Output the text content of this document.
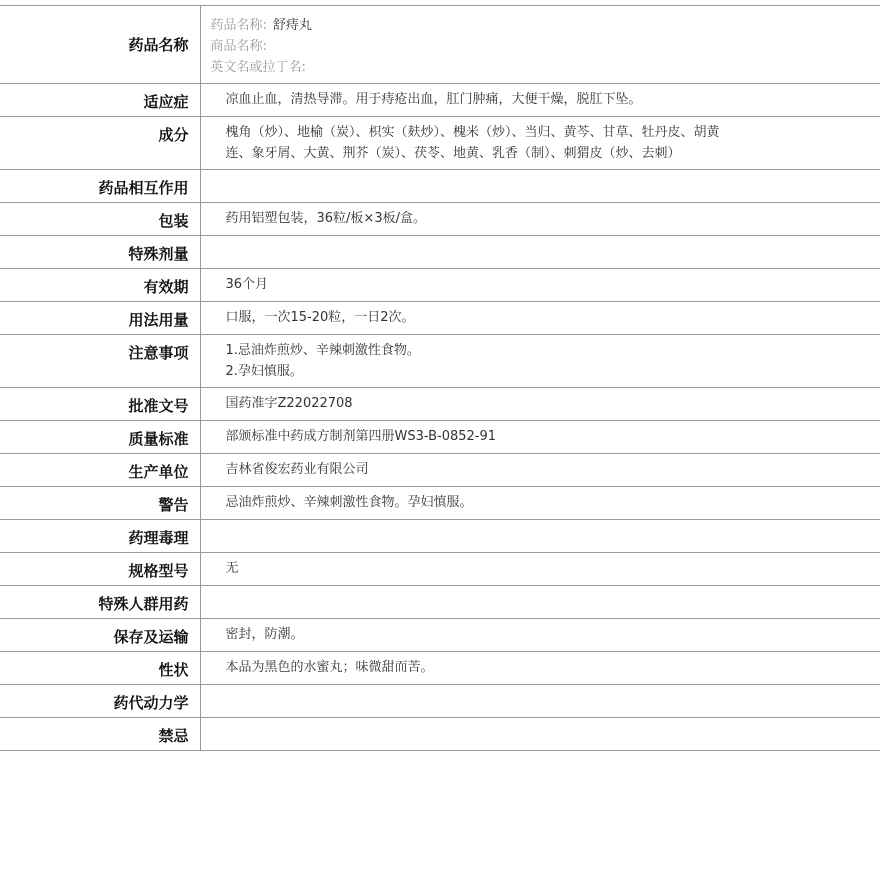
药品名称	药品名称: 舒痔丸
商品名称:
英文名或拉丁名:

适应症	凉血止血，清热导滞。用于痔疮出血，肛门肿痛，大便干燥，脱肛下坠。

成分	槐角（炒）、地榆（炭）、枳实（麸炒）、槐米（炒）、当归、黄芩、甘草、牡丹皮、胡黄
连、象牙屑、大黄、荆芥（炭）、茯苓、地黄、乳香（制）、刺猬皮（炒、去刺）

药品相互作用	
包装	药用铝塑包装，36粒/板×3板/盒。

特殊剂量	
有效期	36个月

用法用量	口服，一次15-20粒，一日2次。

注意事项	1.忌油炸煎炒、辛辣刺激性食物。
2.孕妇慎服。

批准文号	国药准字Z22022708

质量标准	部颁标准中药成方制剂第四册WS3-B-0852-91

生产单位	吉林省俊宏药业有限公司

警告	忌油炸煎炒、辛辣刺激性食物。孕妇慎服。

药理毒理	
规格型号	无

特殊人群用药	
保存及运输	密封，防潮。

性状	本品为黑色的水蜜丸；味微甜而苦。

药代动力学	
禁忌	
